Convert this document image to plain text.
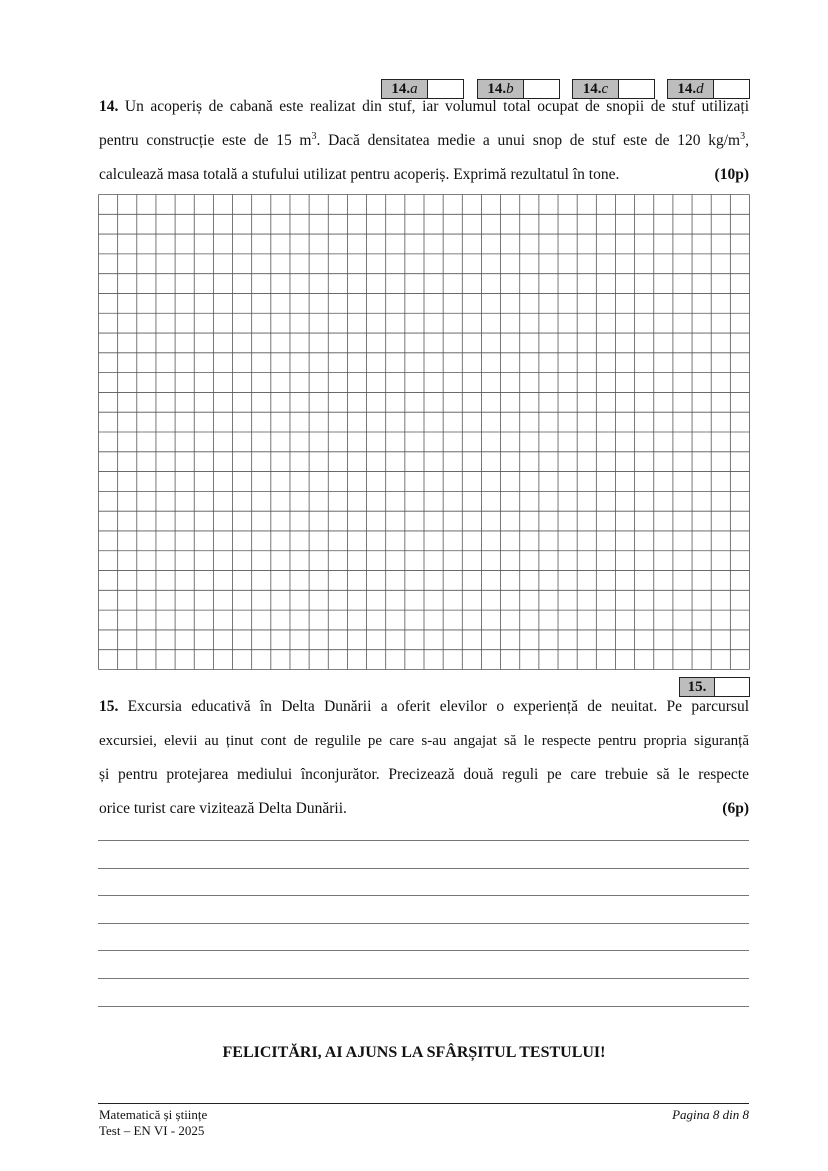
14. a	14. b	14. c	14. d
14. Un acoperiș de cabană este realizat din stuf, iar volumul total ocupat de snopii de stuf utilizați
pentru construcție este de 15 $m^3$. Dacă densitatea medie a unui snop de stuf este de 120 $kg/m^3$,
calculează masa totală a stufului utilizat pentru acoperiș. Exprimă rezultatul în tone.	(10p)
15.
15. Excursia educativă în Delta Dunării a oferit elevilor o experiență de neuitat. Pe parcursul
excursiei, elevii au ținut cont de regulile pe care s-au angajat să le respecte pentru propria siguranță
și pentru protejarea mediului înconjurător. Precizează două reguli pe care trebuie să le respecte
orice turist care vizitează Delta Dunării.	(6p)
FELICITĂRI, AI AJUNS LA SFÂRȘITUL TESTULUI!
Matematică și științe
Test – EN VI - 2025
Pagina 8 din 8
